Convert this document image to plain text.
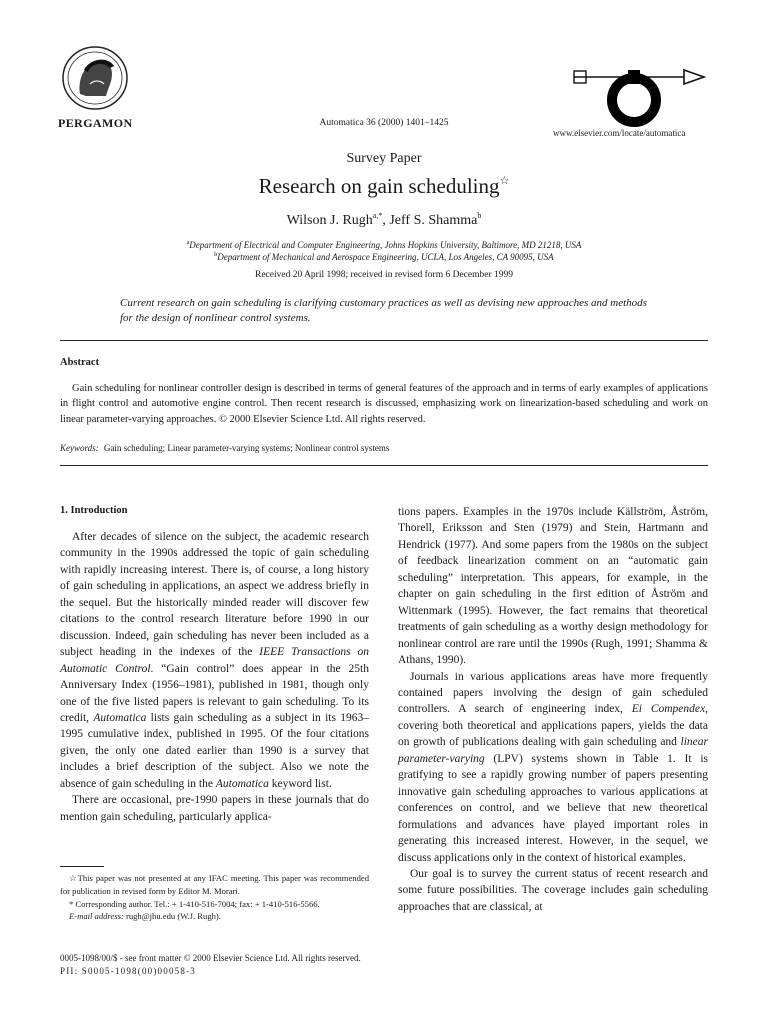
PERGAMON	Automatica 36 (2000) 1401–1425
www.elsevier.com/locate/automatica
Survey Paper
Research on gain scheduling☆
Wilson J. Rugh$^{a,*}$, Jeff S. Shamma$^b$
$^a$Department of Electrical and Computer Engineering, Johns Hopkins University, Baltimore, MD 21218, USA
$^b$Department of Mechanical and Aerospace Engineering, UCLA, Los Angeles, CA 90095, USA
Received 20 April 1998; received in revised form 6 December 1999
Current research on gain scheduling is clarifying customary practices as well as devising new approaches and methods for the design of nonlinear control systems.
Abstract
Gain scheduling for nonlinear controller design is described in terms of general features of the approach and in terms of early examples of applications in flight control and automotive engine control. Then recent research is discussed, emphasizing work on linearization-based scheduling and work on linear parameter-varying approaches. © 2000 Elsevier Science Ltd. All rights reserved.
Keywords: Gain scheduling; Linear parameter-varying systems; Nonlinear control systems
1. Introduction

After decades of silence on the subject, the academic research community in the 1990s addressed the topic of gain scheduling with rapidly increasing interest. There is, of course, a long history of gain scheduling in applications, an aspect we address briefly in the sequel. But the historically minded reader will discover few citations to the control research literature before 1990 in our discussion. Indeed, gain scheduling has never been included as a subject heading in the indexes of the IEEE Transactions on Automatic Control. “Gain control” does appear in the 25th Anniversary Index (1956–1981), published in 1981, though only one of the five listed papers is relevant to gain scheduling. To its credit, Automatica lists gain scheduling as a subject in its 1963–1995 cumulative index, published in 1995. Of the four citations given, the only one dated earlier than 1990 is a survey that includes a brief description of the subject. Also we note the absence of gain scheduling in the Automatica keyword list.

There are occasional, pre-1990 papers in these journals that do mention gain scheduling, particularly applica-

☆This paper was not presented at any IFAC meeting. This paper was recommended for publication in revised form by Editor M. Morari.

* Corresponding author. Tel.: + 1-410-516-7004; fax: + 1-410-516-5566.

E-mail address: rugh@jhu.edu (W.J. Rugh).

tions papers. Examples in the 1970s include Källström, Åström, Thorell, Eriksson and Sten (1979) and Stein, Hartmann and Hendrick (1977). And some papers from the 1980s on the subject of feedback linearization comment on an “automatic gain scheduling” interpretation. This appears, for example, in the chapter on gain scheduling in the first edition of Åström and Wittenmark (1995). However, the fact remains that theoretical treatments of gain scheduling as a worthy design methodology for nonlinear control are rare until the 1990s (Rugh, 1991; Shamma & Athans, 1990).

Journals in various applications areas have more frequently contained papers involving the design of gain scheduled controllers. A search of engineering index, Ei Compendex, covering both theoretical and applications papers, yields the data on growth of publications dealing with gain scheduling and linear parameter-varying (LPV) systems shown in Table 1. It is gratifying to see a rapidly growing number of papers presenting innovative gain scheduling approaches to various applications at conferences on control, and we believe that new theoretical formulations and advances have played important roles in generating this increased interest. However, in the sequel, we discuss applications only in the context of historical examples.

Our goal is to survey the current status of recent research and some future possibilities. The coverage includes gain scheduling approaches that are classical, at

0005-1098/00/$ - see front matter © 2000 Elsevier Science Ltd. All rights reserved.
PII: S0005-1098(00)00058-3
